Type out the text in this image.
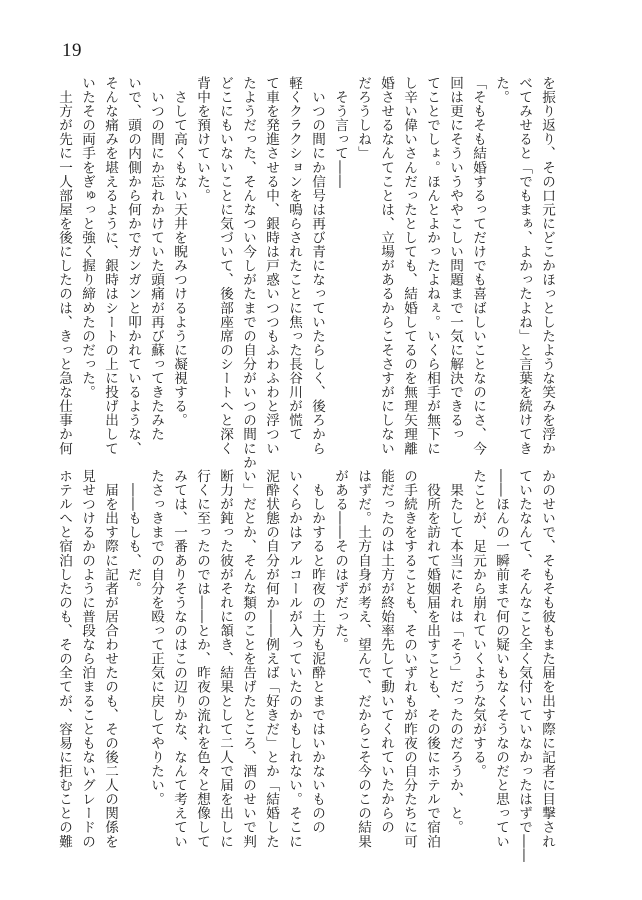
19
を振り返り、その口元にどこかほっとしたような笑みを浮か
べてみせると「でもまぁ、よかったよね」と言葉を続けてき
た。
「そもそも結婚するってだけでも喜ばしいことなのにさ、今
回は更にそういうややこしい問題まで一気に解決できるっ
てことでしょ。ほんとよかったよねぇ。いくら相手が無下に
し辛い偉いさんだったとしても、結婚してるのを無理矢理離
婚させるなんてことは、立場があるからこそさすがにしない
だろうしね」
　そう言って――
　いつの間にか信号は再び青になっていたらしく、後ろから
軽くクラクションを鳴らされたことに焦った長谷川が慌て
て車を発進させる中、銀時は戸惑いつつもふわふわと浮つい
たようだった、そんなつい今しがたまでの自分がいつの間にか
どこにもいないことに気づいて、後部座席のシートへと深く
背中を預けていた。
　さして高くもない天井を睨みつけるように凝視する。
　いつの間にか忘れかけていた頭痛が再び蘇ってきたみた
いで、頭の内側から何かでガンガンと叩かれているような、
そんな痛みを堪えるように、銀時はシートの上に投げ出して
いたその両手をぎゅっと強く握り締めたのだった。
　土方が先に一人部屋を後にしたのは、きっと急な仕事か何
かのせいで、そもそも彼もまた届を出す際に記者に目撃され
ていたなんて、そんなこと全く気付いていなかったはずで――
――ほんの一瞬前まで何の疑いもなくそうなのだと思ってい
たことが、足元から崩れていくような気がする。
　果たして本当にそれは「そう」だったのだろうか、と。
　役所を訪れて婚姻届を出すことも、その後にホテルで宿泊
の手続きをすることも、そのいずれもが昨夜の自分たちに可
能だったのは土方が終始率先して動いてくれていたからの
はずだ。土方自身が考え、望んで、だからこそ今のこの結果
がある――そのはずだった。
　もしかすると昨夜の土方も泥酔とまではいかないものの
いくらかはアルコールが入っていたのかもしれない。そこに
泥酔状態の自分が何か――例えば「好きだ」とか「結婚した
い」だとか、そんな類のことを告げたところ、酒のせいで判
断力が鈍った彼がそれに頷き、結果として二人で届を出しに
行くに至ったのでは――とか、昨夜の流れを色々と想像して
みては、一番ありそうなのはこの辺りかな、なんて考えてい
たさっきまでの自分を殴って正気に戻してやりたい。
　――もしも、だ。
　届を出す際に記者が居合わせたのも、その後二人の関係を
見せつけるかのように普段なら泊まることもないグレードの
ホテルへと宿泊したのも、その全てが、容易に拒むことの難
